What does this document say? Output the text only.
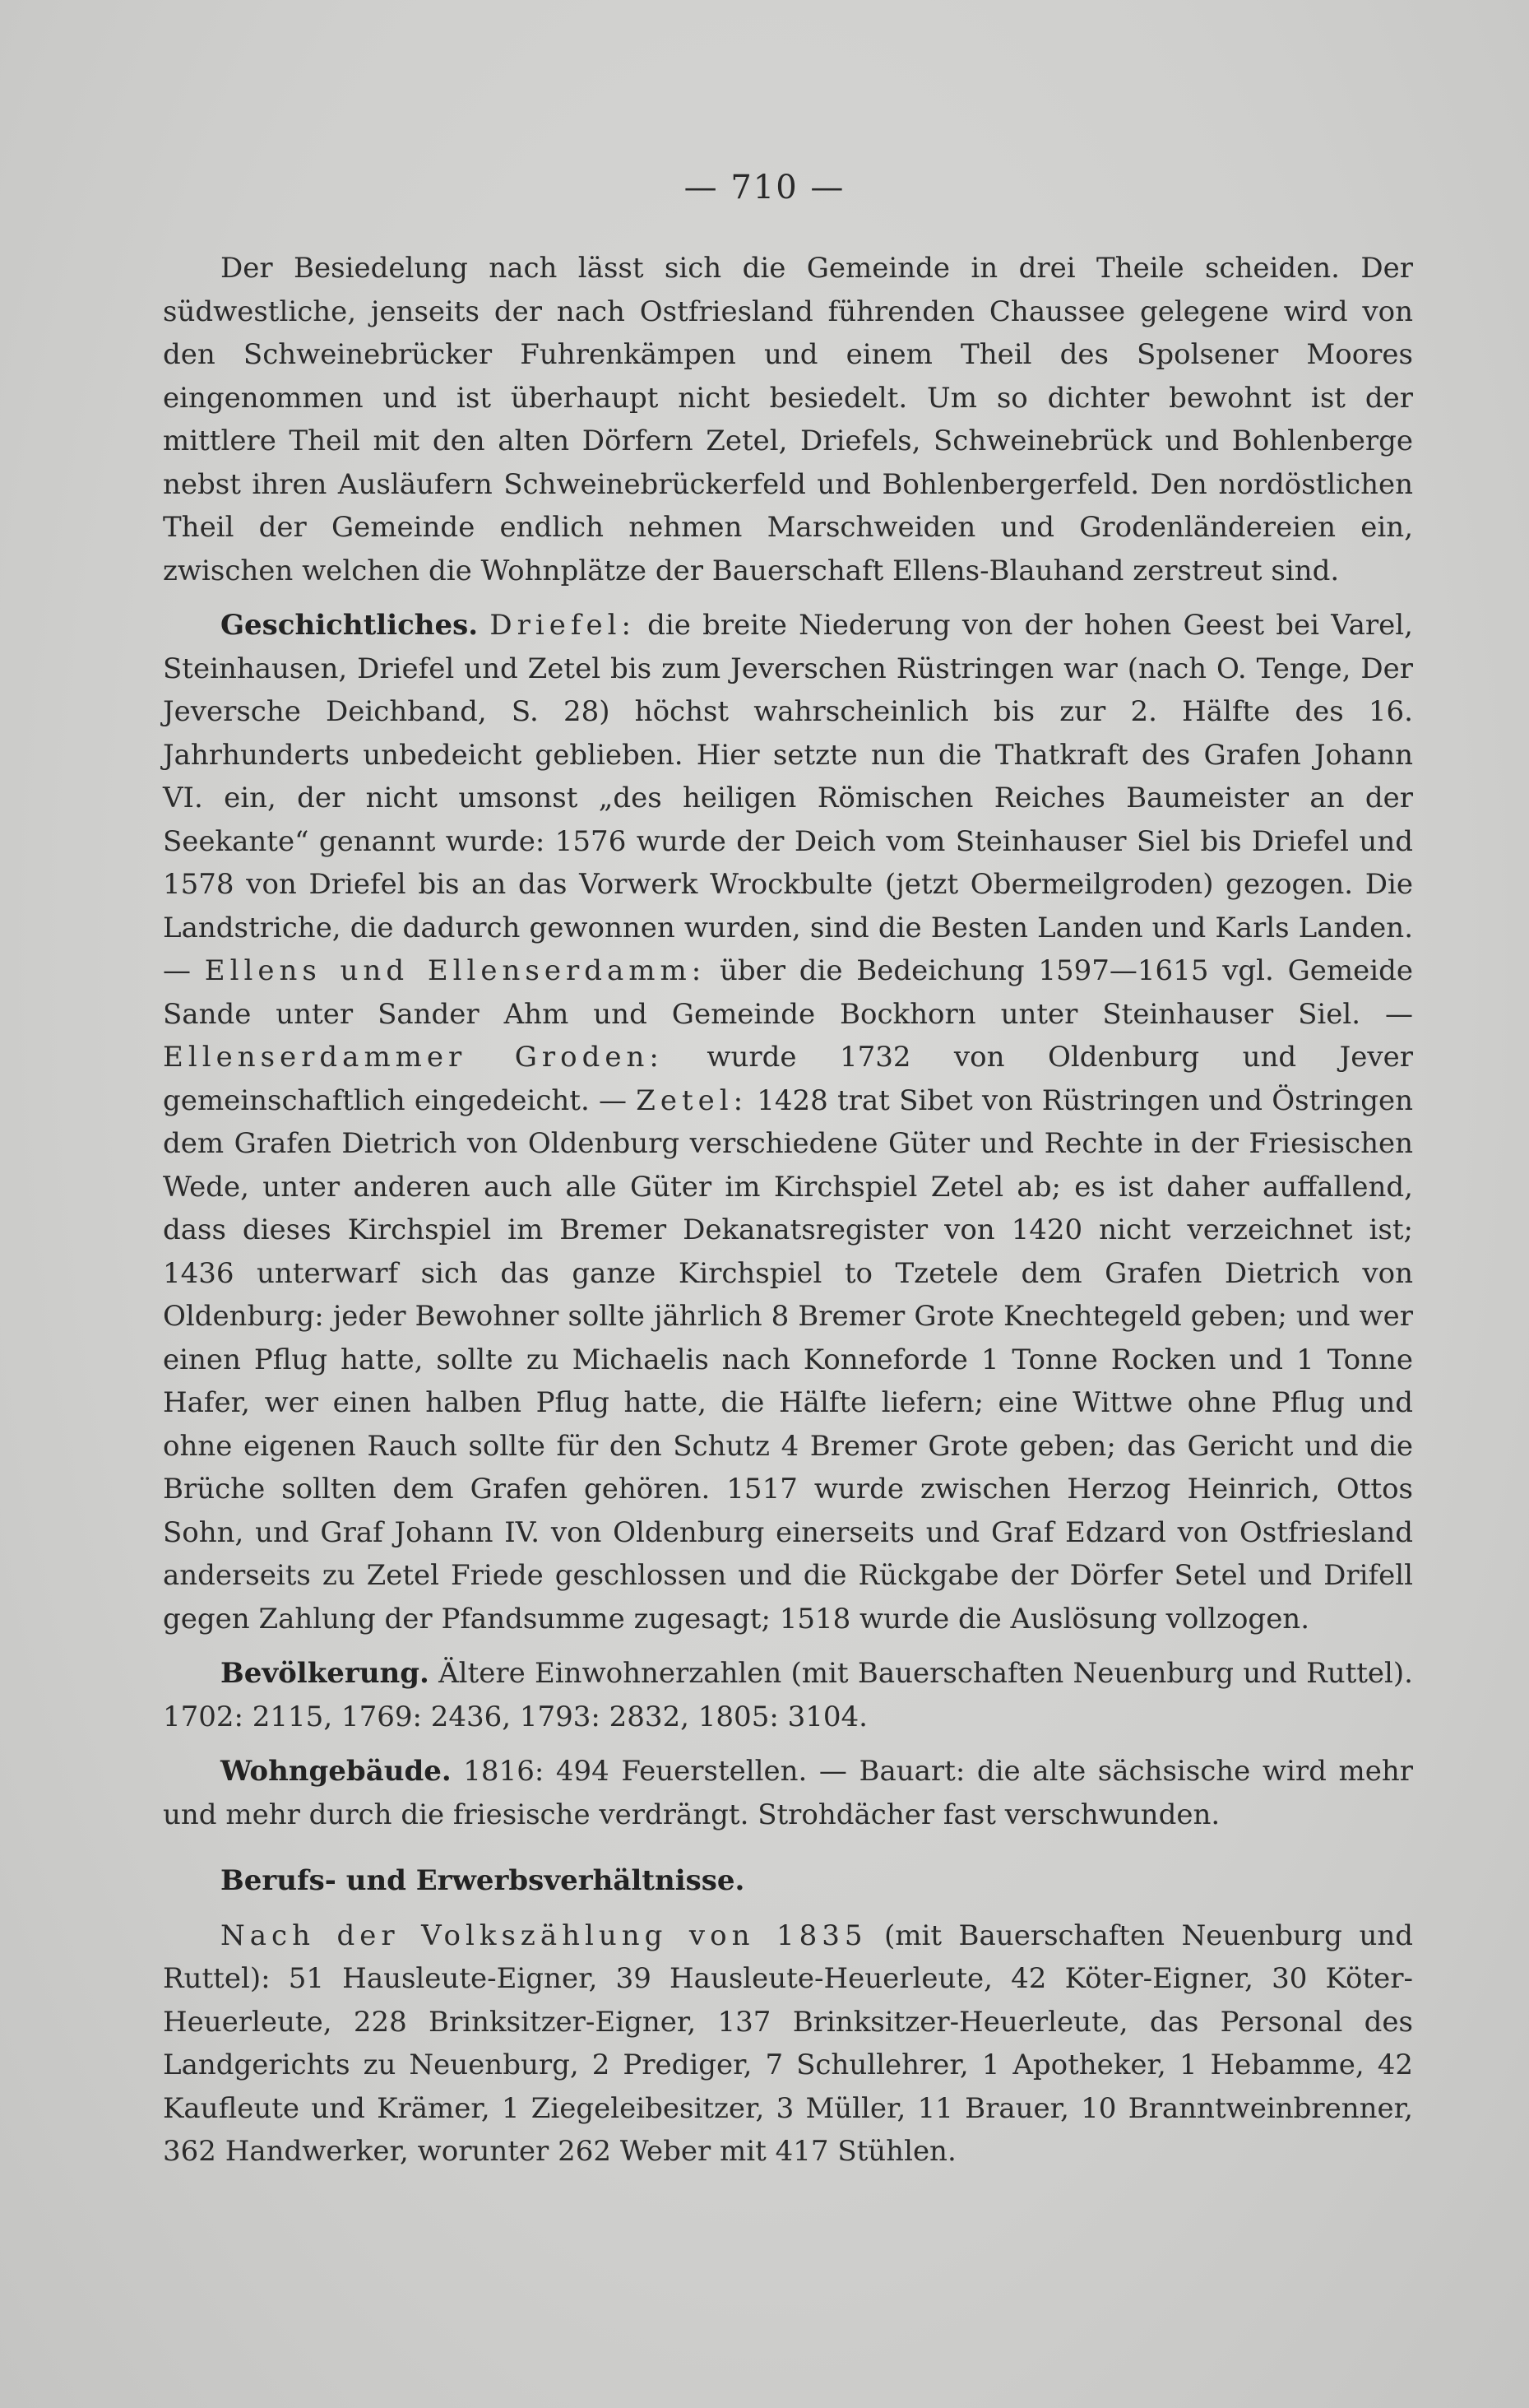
— 710 —

Der Besiedelung nach lässt sich die Gemeinde in drei Theile scheiden. Der südwestliche, jenseits der nach Ostfriesland führenden Chaussee gelegene wird von den Schweinebrücker Fuhrenkämpen und einem Theil des Spolsener Moores eingenommen und ist überhaupt nicht besiedelt. Um so dichter bewohnt ist der mittlere Theil mit den alten Dörfern Zetel, Driefels, Schweinebrück und Bohlenberge nebst ihren Ausläufern Schweinebrückerfeld und Bohlenbergerfeld. Den nordöstlichen Theil der Gemeinde endlich nehmen Marschweiden und Grodenländereien ein, zwischen welchen die Wohnplätze der Bauerschaft Ellens-Blauhand zerstreut sind.

Geschichtliches. Driefel: die breite Niederung von der hohen Geest bei Varel, Steinhausen, Driefel und Zetel bis zum Jeverschen Rüstringen war (nach O. Tenge, Der Jeversche Deichband, S. 28) höchst wahrscheinlich bis zur 2. Hälfte des 16. Jahrhunderts unbedeicht geblieben. Hier setzte nun die Thatkraft des Grafen Johann VI. ein, der nicht umsonst „des heiligen Römischen Reiches Baumeister an der Seekante“ genannt wurde: 1576 wurde der Deich vom Steinhauser Siel bis Driefel und 1578 von Driefel bis an das Vorwerk Wrockbulte (jetzt Obermeilgroden) gezogen. Die Landstriche, die dadurch gewonnen wurden, sind die Besten Landen und Karls Landen. — Ellens und Ellenserdamm: über die Bedeichung 1597—1615 vgl. Gemeide Sande unter Sander Ahm und Gemeinde Bockhorn unter Steinhauser Siel. — Ellenserdammer Groden: wurde 1732 von Oldenburg und Jever gemeinschaftlich eingedeicht. — Zetel: 1428 trat Sibet von Rüstringen und Östringen dem Grafen Dietrich von Oldenburg verschiedene Güter und Rechte in der Friesischen Wede, unter anderen auch alle Güter im Kirchspiel Zetel ab; es ist daher auffallend, dass dieses Kirchspiel im Bremer Dekanatsregister von 1420 nicht verzeichnet ist; 1436 unterwarf sich das ganze Kirchspiel to Tzetele dem Grafen Dietrich von Oldenburg: jeder Bewohner sollte jährlich 8 Bremer Grote Knechtegeld geben; und wer einen Pflug hatte, sollte zu Michaelis nach Konneforde 1 Tonne Rocken und 1 Tonne Hafer, wer einen halben Pflug hatte, die Hälfte liefern; eine Wittwe ohne Pflug und ohne eigenen Rauch sollte für den Schutz 4 Bremer Grote geben; das Gericht und die Brüche sollten dem Grafen gehören. 1517 wurde zwischen Herzog Heinrich, Ottos Sohn, und Graf Johann IV. von Oldenburg einerseits und Graf Edzard von Ostfriesland anderseits zu Zetel Friede geschlossen und die Rückgabe der Dörfer Setel und Drifell gegen Zahlung der Pfandsumme zugesagt; 1518 wurde die Auslösung vollzogen.

Bevölkerung. Ältere Einwohnerzahlen (mit Bauerschaften Neuenburg und Ruttel). 1702: 2115, 1769: 2436, 1793: 2832, 1805: 3104.

Wohngebäude. 1816: 494 Feuerstellen. — Bauart: die alte sächsische wird mehr und mehr durch die friesische verdrängt. Strohdächer fast verschwunden.

Berufs- und Erwerbsverhältnisse.

Nach der Volkszählung von 1835 (mit Bauerschaften Neuenburg und Ruttel): 51 Hausleute-Eigner, 39 Hausleute-Heuerleute, 42 Köter-Eigner, 30 Köter-Heuerleute, 228 Brinksitzer-Eigner, 137 Brinksitzer-Heuerleute, das Personal des Landgerichts zu Neuenburg, 2 Prediger, 7 Schullehrer, 1 Apotheker, 1 Hebamme, 42 Kaufleute und Krämer, 1 Ziegeleibesitzer, 3 Müller, 11 Brauer, 10 Branntweinbrenner, 362 Handwerker, worunter 262 Weber mit 417 Stühlen.
